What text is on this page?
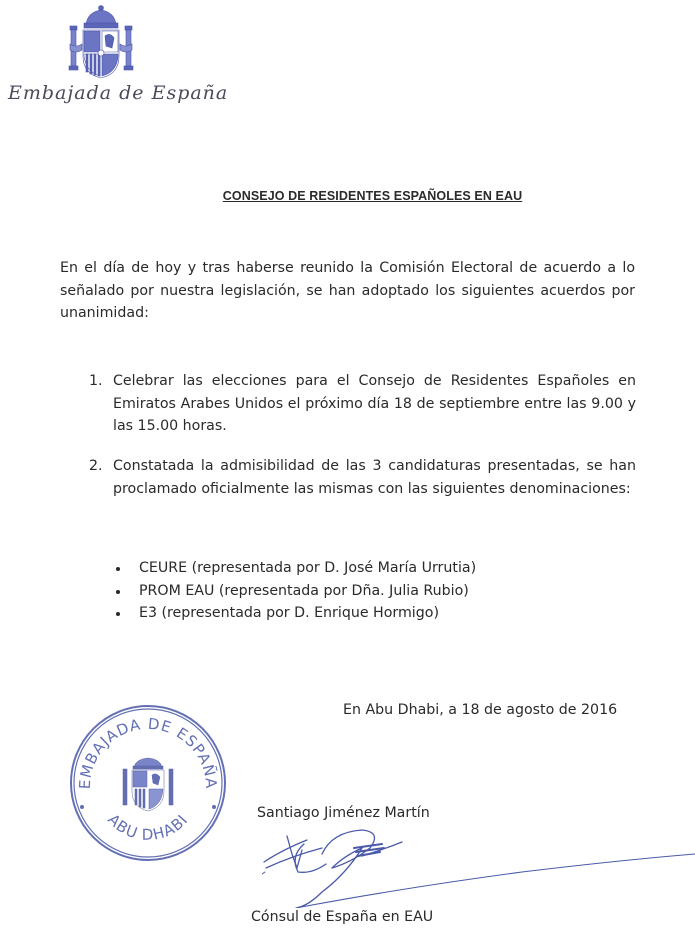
Embajada de España
CONSEJO DE RESIDENTES ESPAÑOLES EN EAU
En el día de hoy y tras haberse reunido la Comisión Electoral de acuerdo a lo señalado por nuestra legislación, se han adoptado los siguientes acuerdos por unanimidad:
1. Celebrar las elecciones para el Consejo de Residentes Españoles en Emiratos Arabes Unidos el próximo día 18 de septiembre entre las 9.00 y las 15.00 horas.
2. Constatada la admisibilidad de las 3 candidaturas presentadas, se han proclamado oficialmente las mismas con las siguientes denominaciones:
CEURE (representada por D. José María Urrutia)
PROM EAU (representada por Dña. Julia Rubio)
E3 (representada por D. Enrique Hormigo)
En Abu Dhabi, a 18 de agosto de 2016
EMBAJADA DE ESPAÑA
ABU DHABI	Santiago Jiménez Martín
Cónsul de España en EAU
